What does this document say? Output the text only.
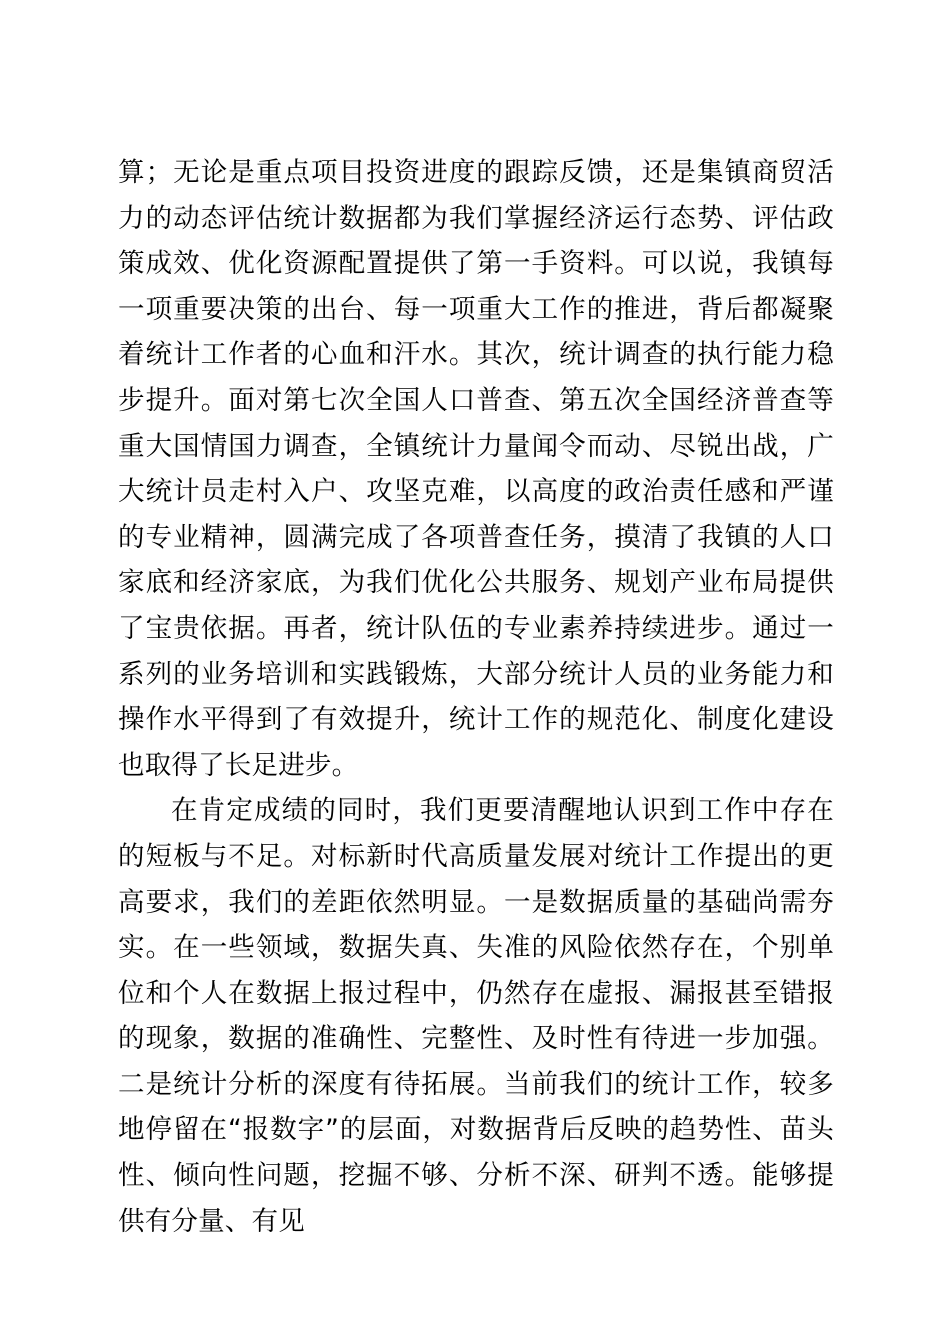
算；无论是重点项目投资进度的跟踪反馈，还是集镇商贸活力的动态评估统计数据都为我们掌握经济运行态势、评估政策成效、优化资源配置提供了第一手资料。可以说，我镇每一项重要决策的出台、每一项重大工作的推进，背后都凝聚着统计工作者的心血和汗水。其次，统计调查的执行能力稳步提升。面对第七次全国人口普查、第五次全国经济普查等重大国情国力调查，全镇统计力量闻令而动、尽锐出战，广大统计员走村入户、攻坚克难，以高度的政治责任感和严谨的专业精神，圆满完成了各项普查任务，摸清了我镇的人口家底和经济家底，为我们优化公共服务、规划产业布局提供了宝贵依据。再者，统计队伍的专业素养持续进步。通过一系列的业务培训和实践锻炼，大部分统计人员的业务能力和操作水平得到了有效提升，统计工作的规范化、制度化建设也取得了长足进步。

在肯定成绩的同时，我们更要清醒地认识到工作中存在的短板与不足。对标新时代高质量发展对统计工作提出的更高要求，我们的差距依然明显。一是数据质量的基础尚需夯实。在一些领域，数据失真、失准的风险依然存在，个别单位和个人在数据上报过程中，仍然存在虚报、漏报甚至错报的现象，数据的准确性、完整性、及时性有待进一步加强。二是统计分析的深度有待拓展。当前我们的统计工作，较多地停留在“报数字”的层面，对数据背后反映的趋势性、苗头性、倾向性问题，挖掘不够、分析不深、研判不透。能够提供有分量、有见
